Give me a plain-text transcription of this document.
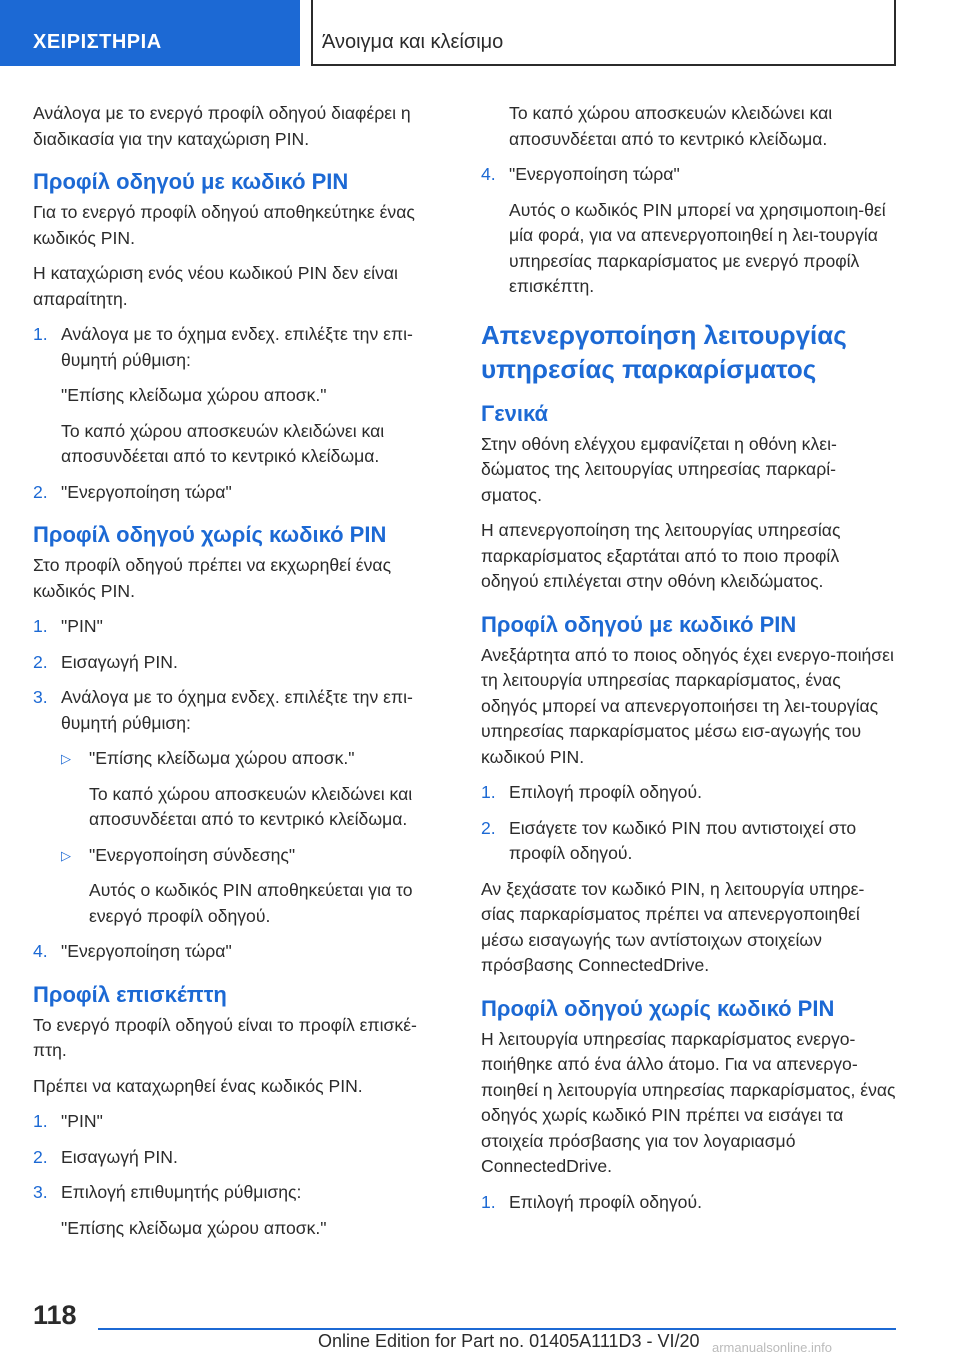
ΧΕΙΡΙΣΤΗΡΙΑ	Άνοιγμα και κλείσιμο
Ανάλογα με το ενεργό προφίλ οδηγού διαφέρει η διαδικασία για την καταχώριση PIN.
Προφίλ οδηγού με κωδικό PIN
Για το ενεργό προφίλ οδηγού αποθηκεύτηκε ένας κωδικός PIN.
Η καταχώριση ενός νέου κωδικού PIN δεν είναι απαραίτητη.
1. Ανάλογα με το όχημα ενδεχ. επιλέξτε την επι-θυμητή ρύθμιση:
"Επίσης κλείδωμα χώρου αποσκ."
Το καπό χώρου αποσκευών κλειδώνει και αποσυνδέεται από το κεντρικό κλείδωμα.
2. "Ενεργοποίηση τώρα"
Προφίλ οδηγού χωρίς κωδικό PIN
Στο προφίλ οδηγού πρέπει να εκχωρηθεί ένας κωδικός PIN.
1. "PIN"
2. Εισαγωγή PIN.
3. Ανάλογα με το όχημα ενδεχ. επιλέξτε την επι-θυμητή ρύθμιση:
▷ "Επίσης κλείδωμα χώρου αποσκ."
Το καπό χώρου αποσκευών κλειδώνει και αποσυνδέεται από το κεντρικό κλείδωμα.
▷ "Ενεργοποίηση σύνδεσης"
Αυτός ο κωδικός PIN αποθηκεύεται για το ενεργό προφίλ οδηγού.
4. "Ενεργοποίηση τώρα"
Προφίλ επισκέπτη
Το ενεργό προφίλ οδηγού είναι το προφίλ επισκέ-πτη.
Πρέπει να καταχωρηθεί ένας κωδικός PIN.
1. "PIN"
2. Εισαγωγή PIN.
3. Επιλογή επιθυμητής ρύθμισης:
"Επίσης κλείδωμα χώρου αποσκ."
Το καπό χώρου αποσκευών κλειδώνει και αποσυνδέεται από το κεντρικό κλείδωμα.
4. "Ενεργοποίηση τώρα"
Αυτός ο κωδικός PIN μπορεί να χρησιμοποιη-θεί μία φορά, για να απενεργοποιηθεί η λει-τουργία υπηρεσίας παρκαρίσματος με ενεργό προφίλ επισκέπτη.
Απενεργοποίηση λειτουργίας υπηρεσίας παρκαρίσματος
Γενικά
Στην οθόνη ελέγχου εμφανίζεται η οθόνη κλει-δώματος της λειτουργίας υπηρεσίας παρκαρί-σματος.
Η απενεργοποίηση της λειτουργίας υπηρεσίας παρκαρίσματος εξαρτάται από το ποιο προφίλ οδηγού επιλέγεται στην οθόνη κλειδώματος.
Προφίλ οδηγού με κωδικό PIN
Ανεξάρτητα από το ποιος οδηγός έχει ενεργο-ποιήσει τη λειτουργία υπηρεσίας παρκαρίσματος, ένας οδηγός μπορεί να απενεργοποιήσει τη λει-τουργίας υπηρεσίας παρκαρίσματος μέσω εισ-αγωγής του κωδικού PIN.
1. Επιλογή προφίλ οδηγού.
2. Εισάγετε τον κωδικό PIN που αντιστοιχεί στο προφίλ οδηγού.
Αν ξεχάσατε τον κωδικό PIN, η λειτουργία υπηρε-σίας παρκαρίσματος πρέπει να απενεργοποιηθεί μέσω εισαγωγής των αντίστοιχων στοιχείων πρόσβασης ConnectedDrive.
Προφίλ οδηγού χωρίς κωδικό PIN
Η λειτουργία υπηρεσίας παρκαρίσματος ενεργο-ποιήθηκε από ένα άλλο άτομο. Για να απενεργο-ποιηθεί η λειτουργία υπηρεσίας παρκαρίσματος, ένας οδηγός χωρίς κωδικό PIN πρέπει να εισάγει τα στοιχεία πρόσβασης για τον λογαριασμό ConnectedDrive.
1. Επιλογή προφίλ οδηγού.
118
Online Edition for Part no. 01405A111D3 - VI/20 armanualsonline.info
